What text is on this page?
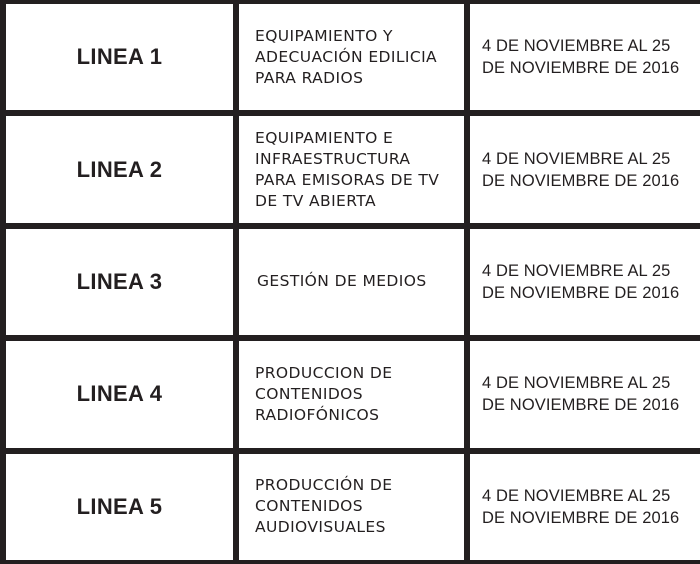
LINEA 1
EQUIPAMIENTO Y
ADECUACIÓN EDILICIA
PARA RADIOS
4 DE NOVIEMBRE AL 25
DE NOVIEMBRE DE 2016
LINEA 2
EQUIPAMIENTO E
INFRAESTRUCTURA
PARA EMISORAS DE TV
DE TV ABIERTA
4 DE NOVIEMBRE AL 25
DE NOVIEMBRE DE 2016
LINEA 3	GESTIÓN DE MEDIOS
4 DE NOVIEMBRE AL 25
DE NOVIEMBRE DE 2016
LINEA 4
PRODUCCION DE
CONTENIDOS
RADIOFÓNICOS
4 DE NOVIEMBRE AL 25
DE NOVIEMBRE DE 2016
LINEA 5
PRODUCCIÓN DE
CONTENIDOS
AUDIOVISUALES
4 DE NOVIEMBRE AL 25
DE NOVIEMBRE DE 2016
